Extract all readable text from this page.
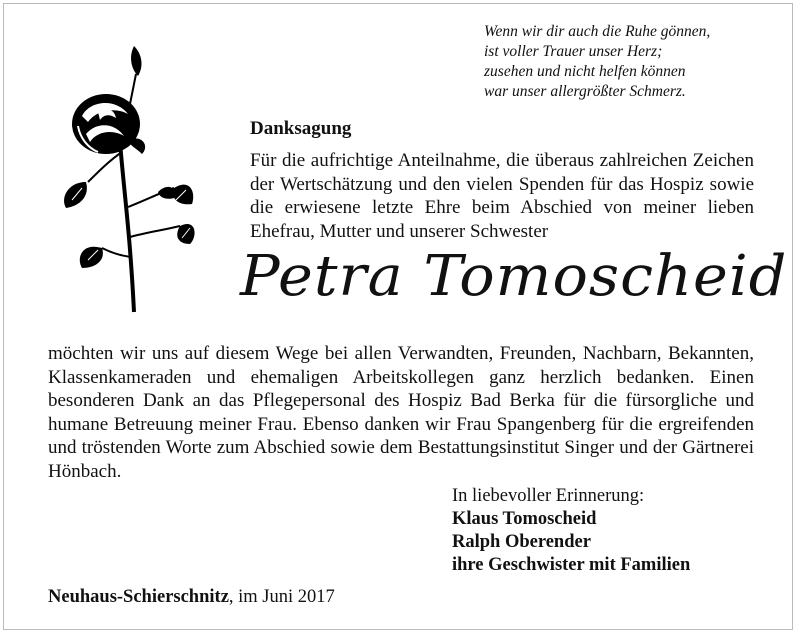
Wenn wir dir auch die Ruhe gönnen,
ist voller Trauer unser Herz;
zusehen und nicht helfen können
war unser allergrößter Schmerz.
Danksagung
Für die aufrichtige Anteilnahme, die überaus zahlreichen Zeichen der Wertschätzung und den vielen Spenden für das Hospiz sowie die erwiesene letzte Ehre beim Abschied von meiner lieben Ehefrau, Mutter und unserer Schwester
Petra Tomoscheid
möchten wir uns auf diesem Wege bei allen Verwandten, Freunden, Nachbarn, Bekannten, Klassenkameraden und ehemaligen Arbeitskollegen ganz herzlich bedanken. Einen besonderen Dank an das Pflegepersonal des Hospiz Bad Berka für die fürsorgliche und humane Betreuung meiner Frau. Ebenso danken wir Frau Spangenberg für die ergreifenden und tröstenden Worte zum Abschied sowie dem Bestattungsinstitut Singer und der Gärtnerei Hönbach.
In liebevoller Erinnerung:
Klaus Tomoscheid
Ralph Oberender
ihre Geschwister mit Familien
Neuhaus-Schierschnitz, im Juni 2017
